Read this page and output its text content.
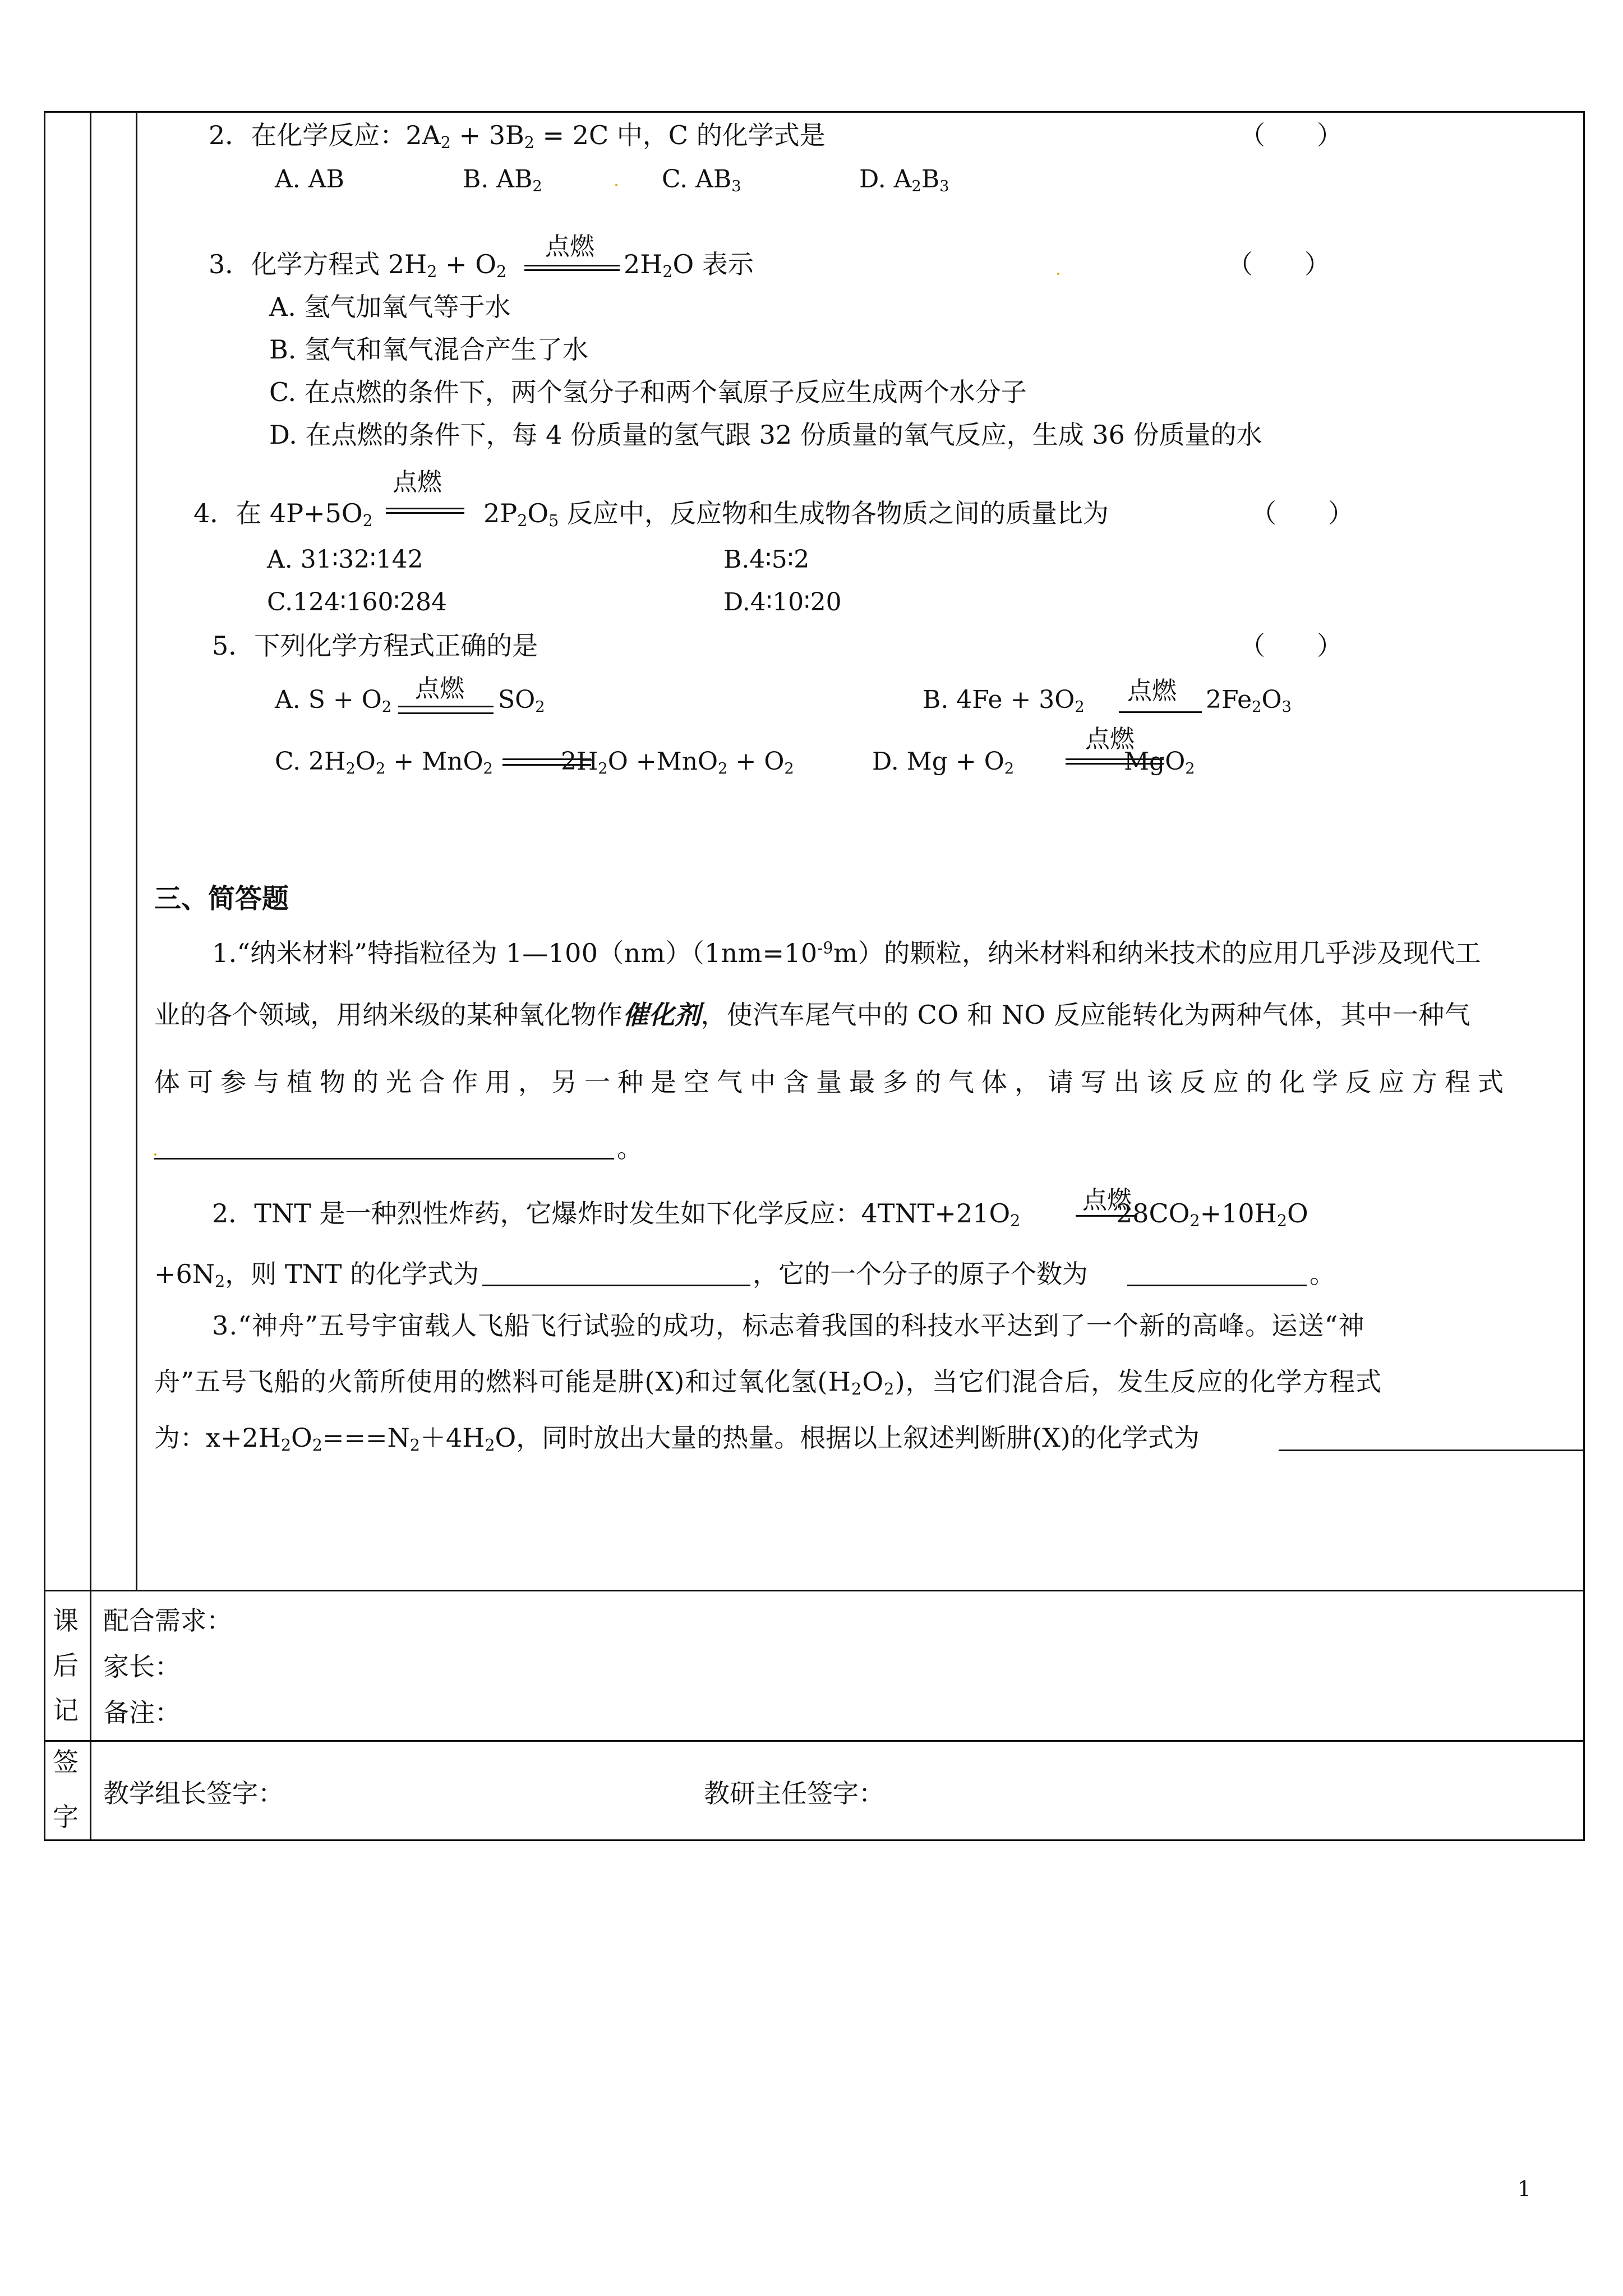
2．在化学反应：$2A_2 + 3B_2 = 2C$ 中，C 的化学式是	（　　）
A. AB	B. $AB_2$	C. $AB_3$	D. $A_2B_3$
3．化学方程式 $2H_2 + O_2$
点燃
$2H_2O$ 表示	（　　）
A. 氢气加氧气等于水
B. 氢气和氧气混合产生了水
C. 在点燃的条件下，两个氢分子和两个氧原子反应生成两个水分子
D. 在点燃的条件下，每 4 份质量的氢气跟 32 份质量的氧气反应，生成 36 份质量的水
4．在 $4P+5O_2$
点燃
$2P_2O_5$ 反应中，反应物和生成物各物质之间的质量比为	（　　）
A. 31∶32∶142	B.4∶5∶2
C.124∶160∶284	D.4∶10∶20
5．下列化学方程式正确的是	（　　）
A. $S + O_2$
点燃 $SO_2$	B. $4Fe + 3O_2$
点燃 $2Fe_2O_3$
C. $2H_2O_2 + MnO_2$	$2H_2O +MnO_2 + O_2$	D. $Mg + O_2$
点燃
MgO$_2$
三、简答题
1.“纳米材料”特指粒径为 $1—100(nm)(1nm=10^{-9}m)$的颗粒，纳米材料和纳米技术的应用几乎涉及现代工
业的各个领域，用纳米级的某种氧化物作催化剂，使汽车尾气中的 CO 和 NO 反应能转化为两种气体，其中一种气
体可参与植物的光合作用，另一种是空气中含量最多的气体，请写出该反应的化学反应方程式
。
2．TNT 是一种烈性炸药，它爆炸时发生如下化学反应：$4TNT+21O_2$
点燃
$28CO_2+10H_2O$
$+6N_2$，则 TNT 的化学式为	，它的一个分子的原子个数为	。
3.“神舟”五号宇宙载人飞船飞行试验的成功，标志着我国的科技水平达到了一个新的高峰。运送“神
舟”五号飞船的火箭所使用的燃料可能是肼(X)和过氧化氢$(H_2O_2)$，当它们混合后，发生反应的化学方程式
为：$x+2H_2O_2===N_2+4H_2O$，同时放出大量的热量。根据以上叙述判断肼(X)的化学式为
课
后
记
配合需求：
家长：
备注：
签
字
教学组长签字：	教研主任签字：
1
